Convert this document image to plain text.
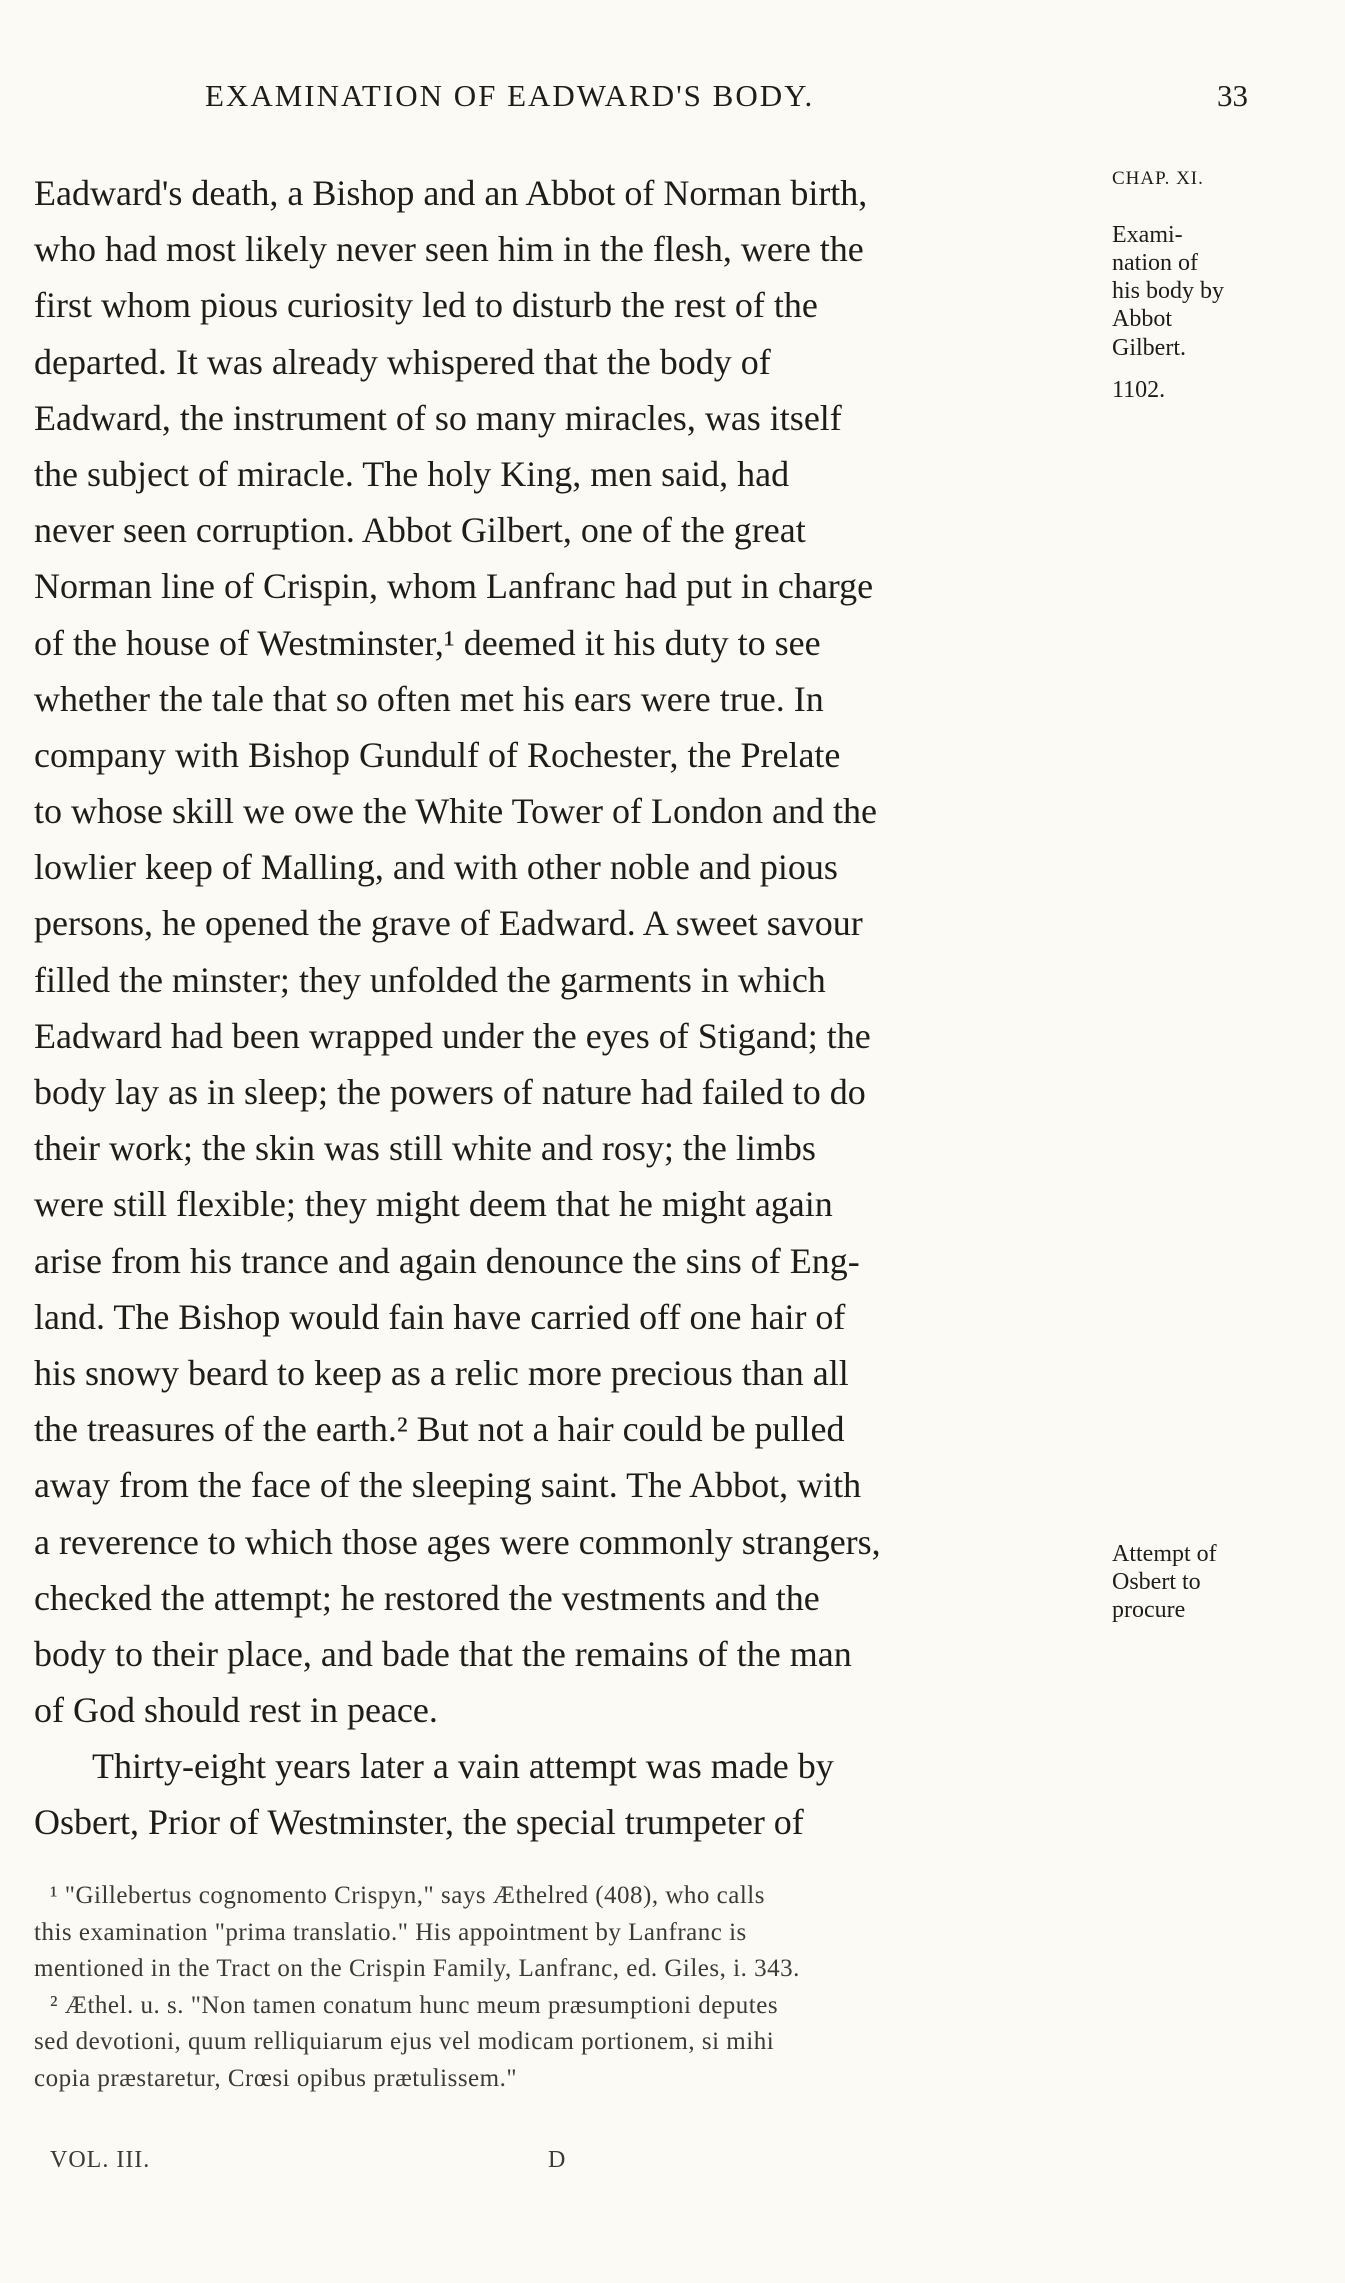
EXAMINATION OF EADWARD'S BODY.	33
Eadward's death, a Bishop and an Abbot of Norman birth,
who had most likely never seen him in the flesh, were the
first whom pious curiosity led to disturb the rest of the
departed. It was already whispered that the body of
Eadward, the instrument of so many miracles, was itself
the subject of miracle. The holy King, men said, had
never seen corruption. Abbot Gilbert, one of the great
Norman line of Crispin, whom Lanfranc had put in charge
of the house of Westminster,¹ deemed it his duty to see
whether the tale that so often met his ears were true. In
company with Bishop Gundulf of Rochester, the Prelate
to whose skill we owe the White Tower of London and the
lowlier keep of Malling, and with other noble and pious
persons, he opened the grave of Eadward. A sweet savour
filled the minster; they unfolded the garments in which
Eadward had been wrapped under the eyes of Stigand; the
body lay as in sleep; the powers of nature had failed to do
their work; the skin was still white and rosy; the limbs
were still flexible; they might deem that he might again
arise from his trance and again denounce the sins of Eng-
land. The Bishop would fain have carried off one hair of
his snowy beard to keep as a relic more precious than all
the treasures of the earth.² But not a hair could be pulled
away from the face of the sleeping saint. The Abbot, with
a reverence to which those ages were commonly strangers,
checked the attempt; he restored the vestments and the
body to their place, and bade that the remains of the man
of God should rest in peace.
Thirty-eight years later a vain attempt was made by
Osbert, Prior of Westminster, the special trumpeter of
CHAP. XI.
Exami-
nation of
his body by
Abbot
Gilbert.
1102.
Attempt of
Osbert to
procure
¹ "Gillebertus cognomento Crispyn," says Æthelred (408), who calls
this examination "prima translatio." His appointment by Lanfranc is
mentioned in the Tract on the Crispin Family, Lanfranc, ed. Giles, i. 343.
² Æthel. u. s. "Non tamen conatum hunc meum præsumptioni deputes
sed devotioni, quum relliquiarum ejus vel modicam portionem, si mihi
copia præstaretur, Crœsi opibus prætulissem."
VOL. III.	D
